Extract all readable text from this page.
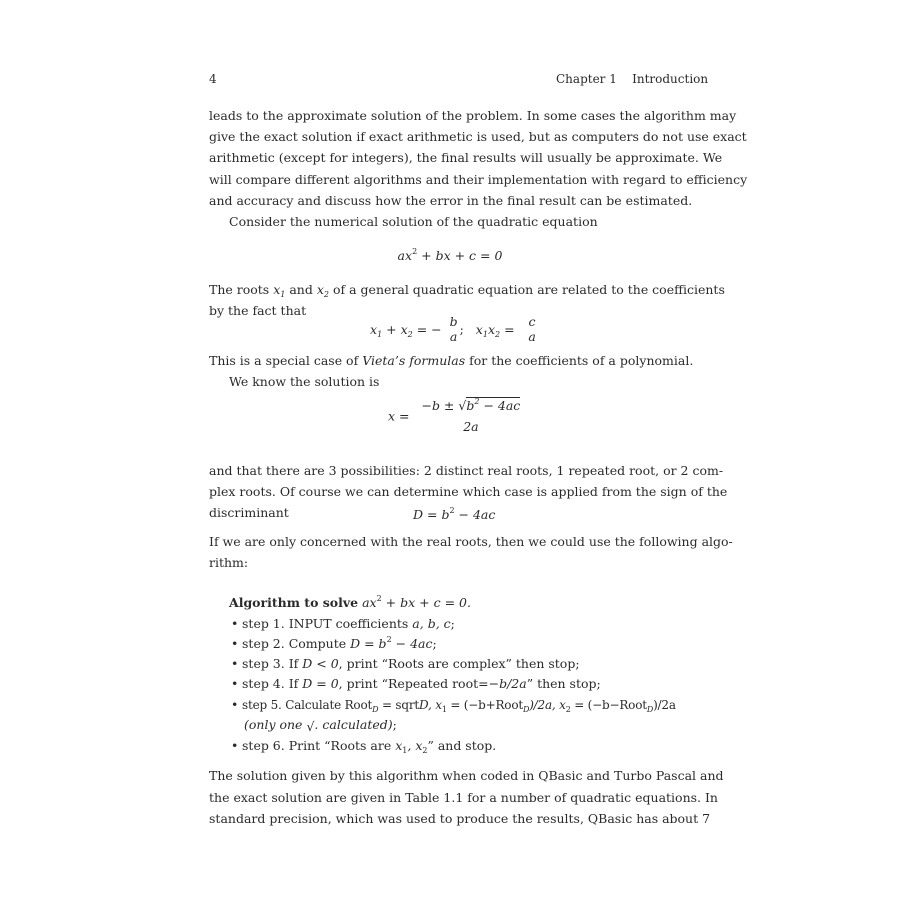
4	Chapter 1 Introduction
leads to the approximate solution of the problem. In some cases the algorithm may
give the exact solution if exact arithmetic is used, but as computers do not use exact
arithmetic (except for integers), the final results will usually be approximate. We
will compare different algorithms and their implementation with regard to efficiency
and accuracy and discuss how the error in the final result can be estimated.
Consider the numerical solution of the quadratic equation
$ax^2$ + bx + c = 0
The roots $x_1$ and $x_2$ of a general quadratic equation are related to the coefficients
by the fact that
$x_1 + x_2$ = − b
a ; $x_1x_2 = c$
a
This is a special case of Vieta’s formulas for the coefficients of a polynomial.
We know the solution is
x =
$-b \pm √b^2 - 4ac$
2a
and that there are 3 possibilities: 2 distinct real roots, 1 repeated root, or 2 com-
plex roots. Of course we can determine which case is applied from the sign of the
discriminant	$D = b^2 - 4ac$
If we are only concerned with the real roots, then we could use the following algo-
rithm:
Algorithm to solve $ax^2$ + bx + c = 0.
• step 1. INPUT coefficients a, b, c;
• step 2. Compute $D = b^2 - 4ac$;
• step 3. If D < 0, print “Roots are complex” then stop;
• step 4. If D = 0, print “Repeated root=−b/2a” then stop;
• step 5. Calculate Root$_D$ = sqrtD, $x_1$ = (−b+Root$_D$)/2a, $x_2$ = (−b−Root$_D$)/2a
(only one √. calculated);
• step 6. Print “Roots are $x_1$, $x_2$” and stop.
The solution given by this algorithm when coded in QBasic and Turbo Pascal and
the exact solution are given in Table 1.1 for a number of quadratic equations. In
standard precision, which was used to produce the results, QBasic has about 7
